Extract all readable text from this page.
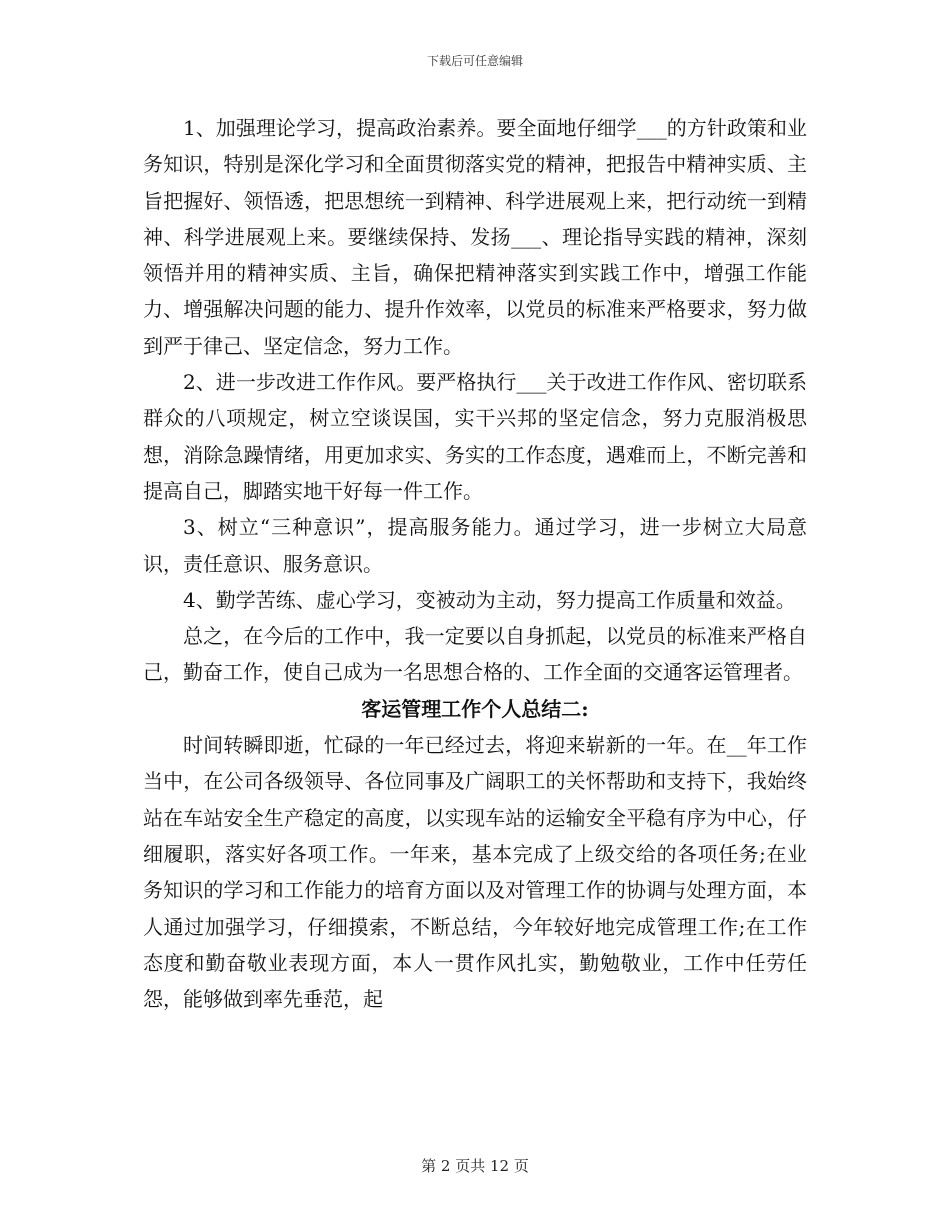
下载后可任意编辑

1、加强理论学习，提高政治素养。要全面地仔细学___的方针政策和业务知识，特别是深化学习和全面贯彻落实党的精神，把报告中精神实质、主旨把握好、领悟透，把思想统一到精神、科学进展观上来，把行动统一到精神、科学进展观上来。要继续保持、发扬___、理论指导实践的精神，深刻领悟并用的精神实质、主旨，确保把精神落实到实践工作中，增强工作能力、增强解决问题的能力、提升作效率，以党员的标准来严格要求，努力做到严于律己、坚定信念，努力工作。

2、进一步改进工作作风。要严格执行___关于改进工作作风、密切联系群众的八项规定，树立空谈误国，实干兴邦的坚定信念，努力克服消极思想，消除急躁情绪，用更加求实、务实的工作态度，遇难而上，不断完善和提高自己，脚踏实地干好每一件工作。

3、树立“三种意识”，提高服务能力。通过学习，进一步树立大局意识，责任意识、服务意识。

4、勤学苦练、虚心学习，变被动为主动，努力提高工作质量和效益。

总之，在今后的工作中，我一定要以自身抓起，以党员的标准来严格自己，勤奋工作，使自己成为一名思想合格的、工作全面的交通客运管理者。

客运管理工作个人总结二:

时间转瞬即逝，忙碌的一年已经过去，将迎来崭新的一年。在__年工作当中，在公司各级领导、各位同事及广阔职工的关怀帮助和支持下，我始终站在车站安全生产稳定的高度，以实现车站的运输安全平稳有序为中心，仔细履职，落实好各项工作。一年来，基本完成了上级交给的各项任务;在业务知识的学习和工作能力的培育方面以及对管理工作的协调与处理方面，本人通过加强学习，仔细摸索，不断总结，今年较好地完成管理工作;在工作态度和勤奋敬业表现方面，本人一贯作风扎实，勤勉敬业，工作中任劳任怨，能够做到率先垂范，起

第 2 页共 12 页
